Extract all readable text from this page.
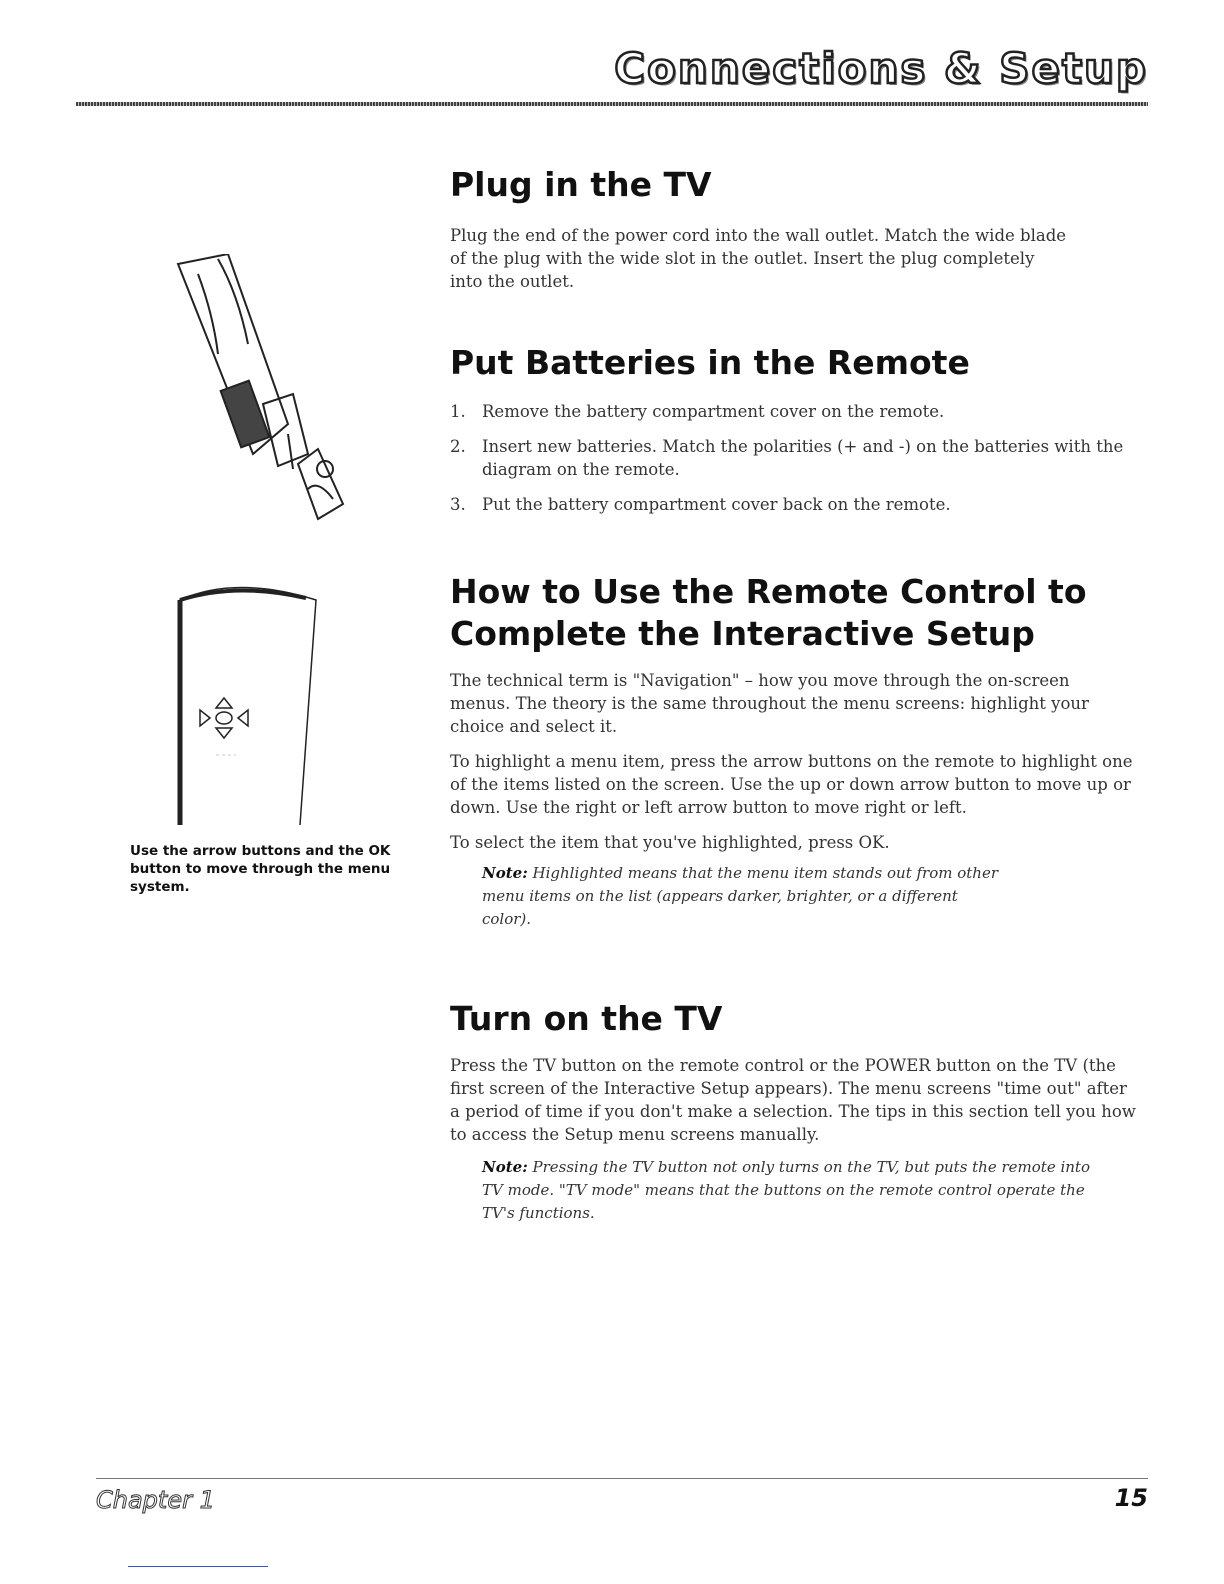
Connections & Setup
Plug in the TV

Plug the end of the power cord into the wall outlet. Match the wide blade of the plug with the wide slot in the outlet. Insert the plug completely into the outlet.

Put Batteries in the Remote
1. Remove the battery compartment cover on the remote.
2. Insert new batteries. Match the polarities (+ and -) on the batteries with the diagram on the remote.
3. Put the battery compartment cover back on the remote.
Use the arrow buttons and the OK button to move through the menu system.
How to Use the Remote Control to
Complete the Interactive Setup

The technical term is "Navigation" – how you move through the on-screen menus. The theory is the same throughout the menu screens: highlight your choice and select it.

To highlight a menu item, press the arrow buttons on the remote to highlight one of the items listed on the screen. Use the up or down arrow button to move up or down. Use the right or left arrow button to move right or left.

To select the item that you've highlighted, press OK.

Note: Highlighted means that the menu item stands out from other menu items on the list (appears darker, brighter, or a different color).

Turn on the TV

Press the TV button on the remote control or the POWER button on the TV (the first screen of the Interactive Setup appears). The menu screens "time out" after a period of time if you don't make a selection. The tips in this section tell you how to access the Setup menu screens manually.

Note: Pressing the TV button not only turns on the TV, but puts the remote into TV mode. "TV mode" means that the buttons on the remote control operate the TV's functions.

Chapter 1	15
